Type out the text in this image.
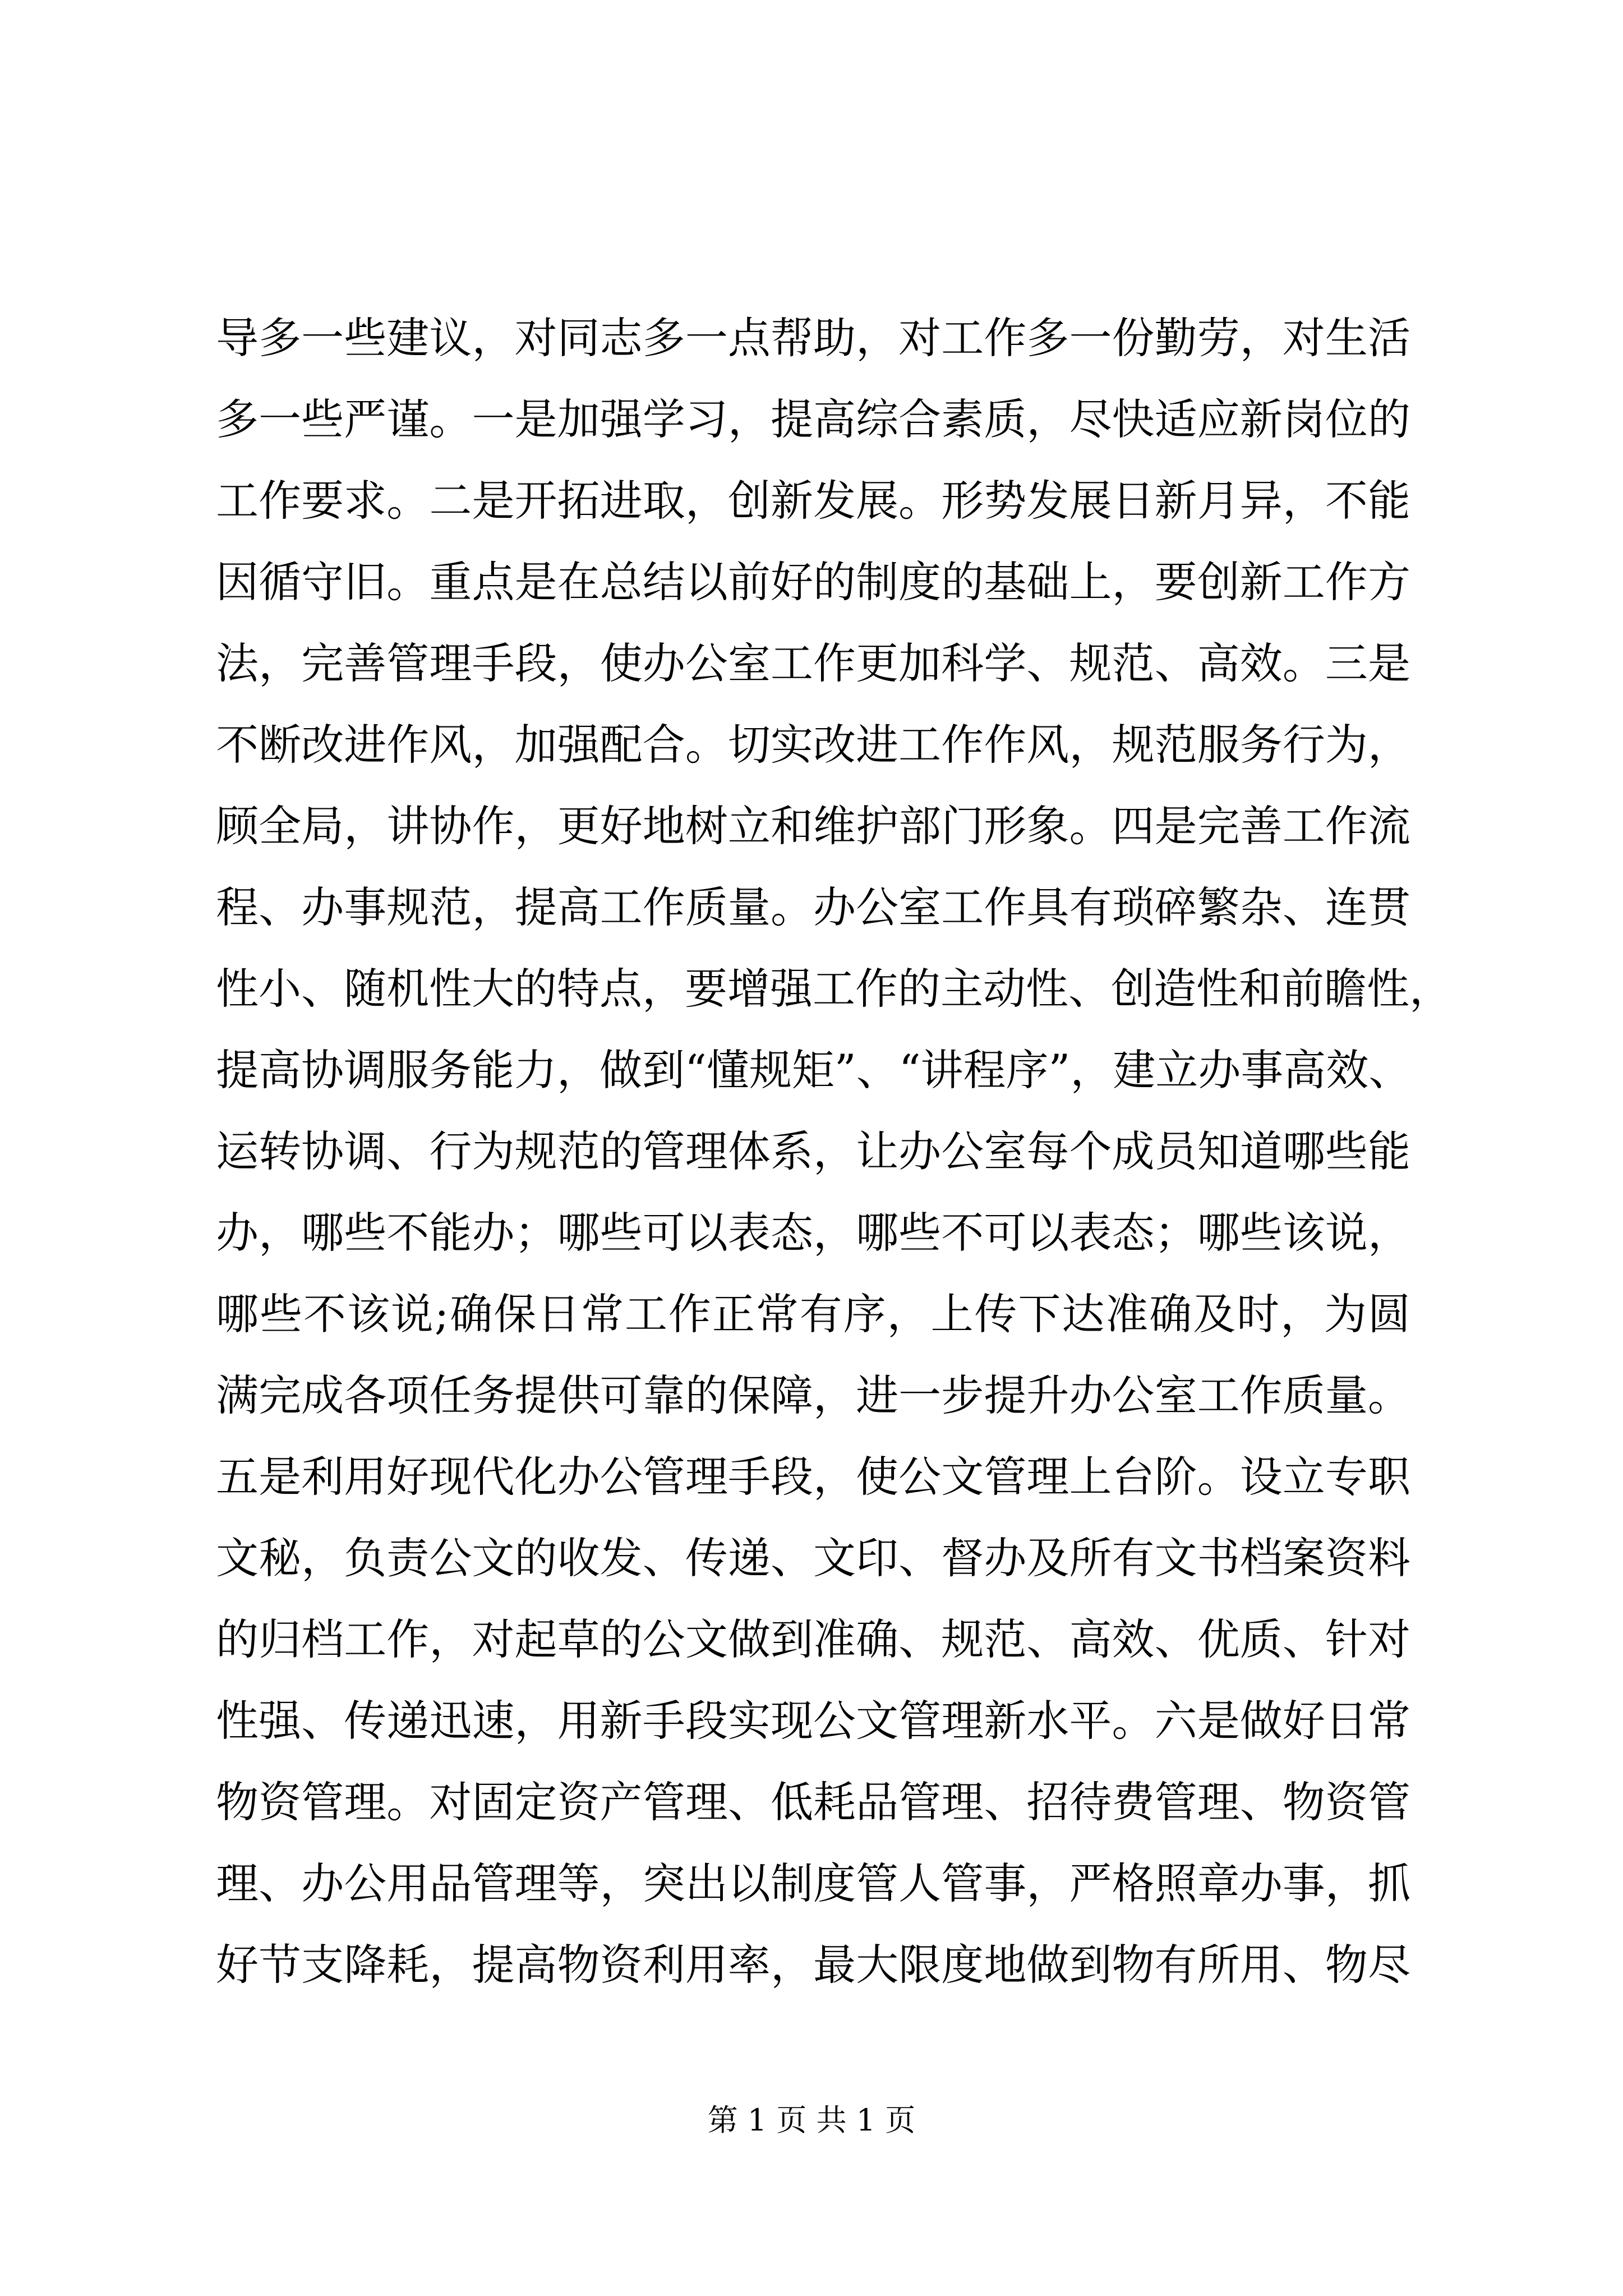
导多一些建议，对同志多一点帮助，对工作多一份勤劳，对生活
多一些严谨。一是加强学习，提高综合素质，尽快适应新岗位的
工作要求。二是开拓进取，创新发展。形势发展日新月异，不能
因循守旧。重点是在总结以前好的制度的基础上，要创新工作方
法，完善管理手段，使办公室工作更加科学、规范、高效。三是
不断改进作风，加强配合。切实改进工作作风，规范服务行为，
顾全局，讲协作，更好地树立和维护部门形象。四是完善工作流
程、办事规范，提高工作质量。办公室工作具有琐碎繁杂、连贯
性小、随机性大的特点，要增强工作的主动性、创造性和前瞻性，
提高协调服务能力，做到“懂规矩”、“讲程序”，建立办事高效、
运转协调、行为规范的管理体系，让办公室每个成员知道哪些能
办，哪些不能办；哪些可以表态，哪些不可以表态；哪些该说，
哪些不该说;确保日常工作正常有序，上传下达准确及时，为圆
满完成各项任务提供可靠的保障，进一步提升办公室工作质量。
五是利用好现代化办公管理手段，使公文管理上台阶。设立专职
文秘，负责公文的收发、传递、文印、督办及所有文书档案资料
的归档工作，对起草的公文做到准确、规范、高效、优质、针对
性强、传递迅速，用新手段实现公文管理新水平。六是做好日常
物资管理。对固定资产管理、低耗品管理、招待费管理、物资管
理、办公用品管理等，突出以制度管人管事，严格照章办事，抓
好节支降耗，提高物资利用率，最大限度地做到物有所用、物尽
第 1 页 共 1 页
